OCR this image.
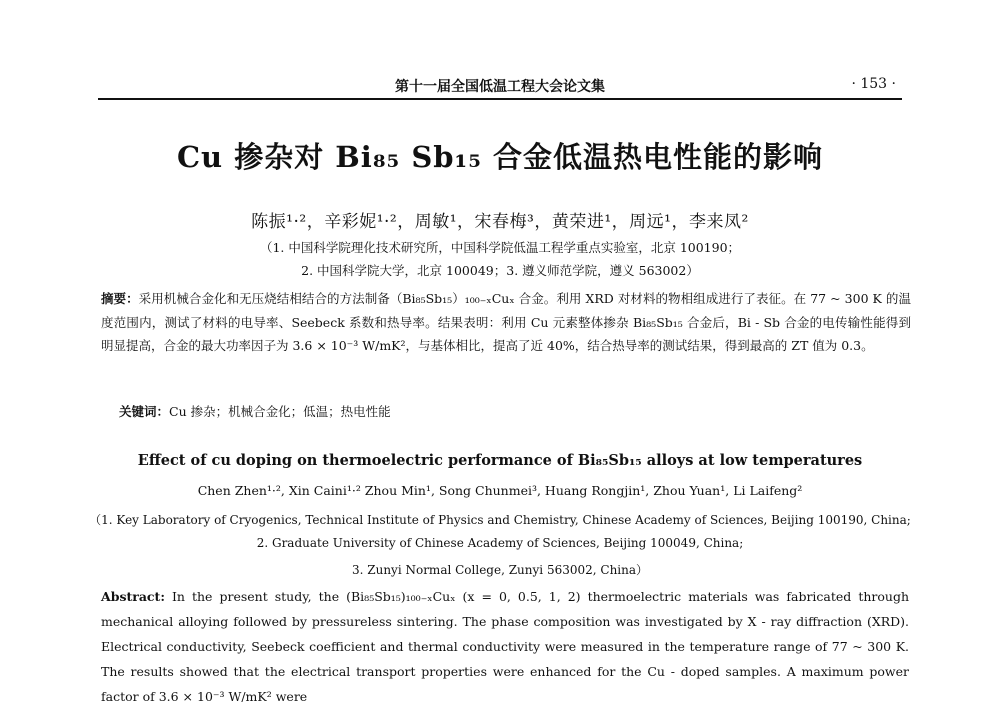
第十一届全国低温工程大会论文集	· 153 ·
Cu 掺杂对 Bi₈₅ Sb₁₅ 合金低温热电性能的影响
陈振¹·²，辛彩妮¹·²，周敏¹，宋春梅³，黄荣进¹，周远¹，李来凤²
（1. 中国科学院理化技术研究所，中国科学院低温工程学重点实验室，北京 100190；
2. 中国科学院大学，北京 100049；3. 遵义师范学院，遵义 563002）
摘要：采用机械合金化和无压烧结相结合的方法制备（Bi₈₅Sb₁₅）₁₀₀₋ₓCuₓ 合金。利用 XRD 对材料的物相组成进行了表征。在 77 ~ 300 K 的温度范围内，测试了材料的电导率、Seebeck 系数和热导率。结果表明：利用 Cu 元素整体掺杂 Bi₈₅Sb₁₅ 合金后，Bi - Sb 合金的电传输性能得到明显提高，合金的最大功率因子为 3.6 × 10⁻³ W/mK²，与基体相比，提高了近 40%，结合热导率的测试结果，得到最高的 ZT 值为 0.3。
关键词：Cu 掺杂；机械合金化；低温；热电性能
Effect of cu doping on thermoelectric performance of Bi₈₅Sb₁₅ alloys at low temperatures
Chen Zhen¹·², Xin Caini¹·² Zhou Min¹, Song Chunmei³, Huang Rongjin¹, Zhou Yuan¹, Li Laifeng²
（1. Key Laboratory of Cryogenics, Technical Institute of Physics and Chemistry, Chinese Academy of Sciences, Beijing 100190, China;
2. Graduate University of Chinese Academy of Sciences, Beijing 100049, China;
3. Zunyi Normal College, Zunyi 563002, China）
Abstract: In the present study, the (Bi₈₅Sb₁₅)₁₀₀₋ₓCuₓ (x = 0, 0.5, 1, 2) thermoelectric materials was fabricated through mechanical alloying followed by pressureless sintering. The phase composition was investigated by X - ray diffraction (XRD). Electrical conductivity, Seebeck coefficient and thermal conductivity were measured in the temperature range of 77 ~ 300 K. The results showed that the electrical transport properties were enhanced for the Cu - doped samples. A maximum power factor of 3.6 × 10⁻³ W/mK² were
